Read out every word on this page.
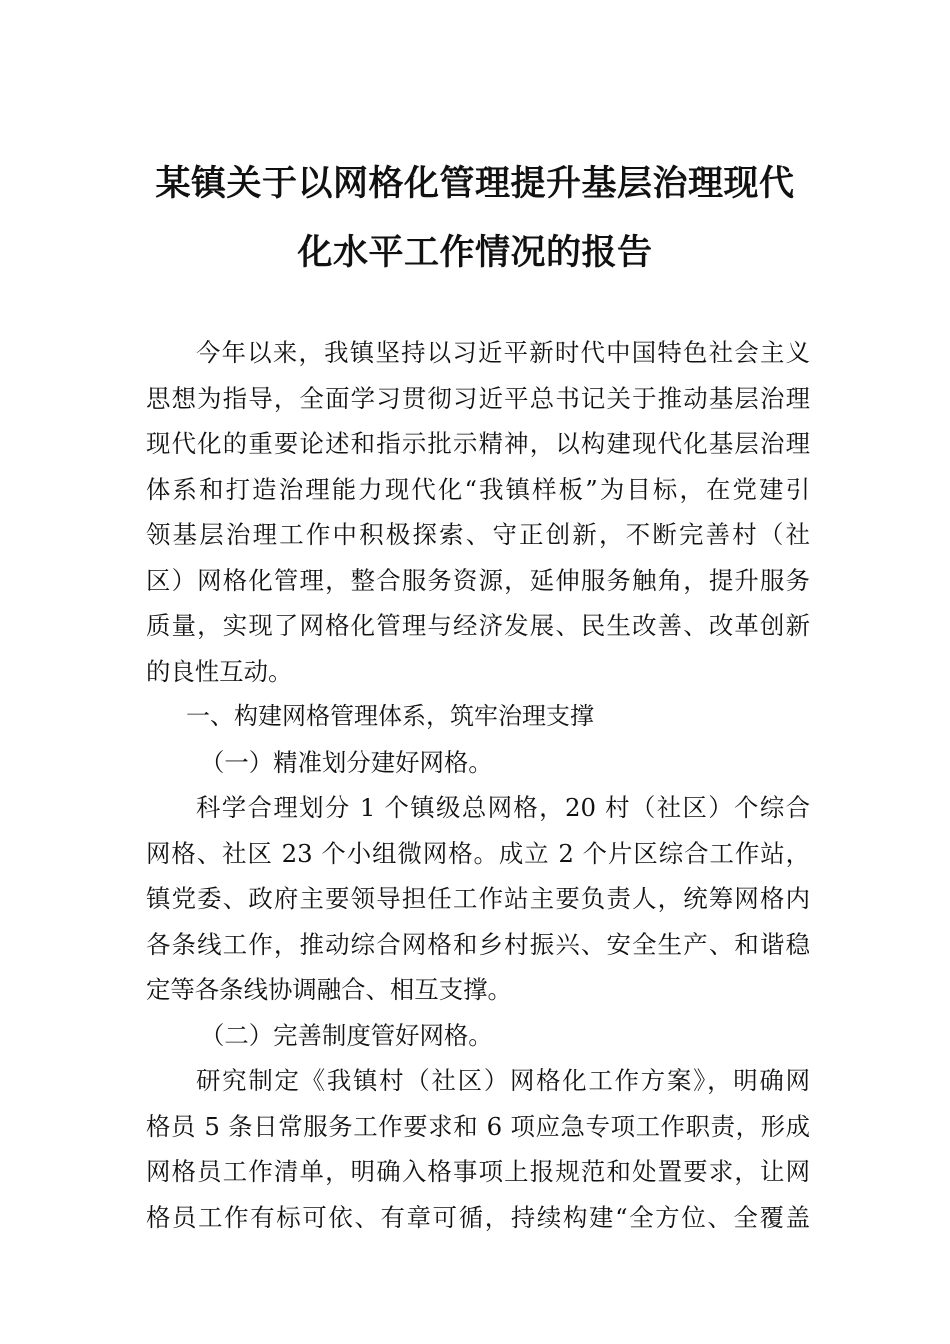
某镇关于以网格化管理提升基层治理现代
化水平工作情况的报告
今年以来，我镇坚持以习近平新时代中国特色社会主义
思想为指导，全面学习贯彻习近平总书记关于推动基层治理
现代化的重要论述和指示批示精神，以构建现代化基层治理
体系和打造治理能力现代化“我镇样板”为目标，在党建引
领基层治理工作中积极探索、守正创新，不断完善村（社
区）网格化管理，整合服务资源，延伸服务触角，提升服务
质量，实现了网格化管理与经济发展、民生改善、改革创新
的良性互动。
一、构建网格管理体系，筑牢治理支撑
（一）精准划分建好网格。
科学合理划分 1 个镇级总网格，20 村（社区）个综合
网格、社区 23 个小组微网格。成立 2 个片区综合工作站，
镇党委、政府主要领导担任工作站主要负责人，统筹网格内
各条线工作，推动综合网格和乡村振兴、安全生产、和谐稳
定等各条线协调融合、相互支撑。
（二）完善制度管好网格。
研究制定《我镇村（社区）网格化工作方案》，明确网
格员 5 条日常服务工作要求和 6 项应急专项工作职责，形成
网格员工作清单，明确入格事项上报规范和处置要求，让网
格员工作有标可依、有章可循，持续构建“全方位、全覆盖
